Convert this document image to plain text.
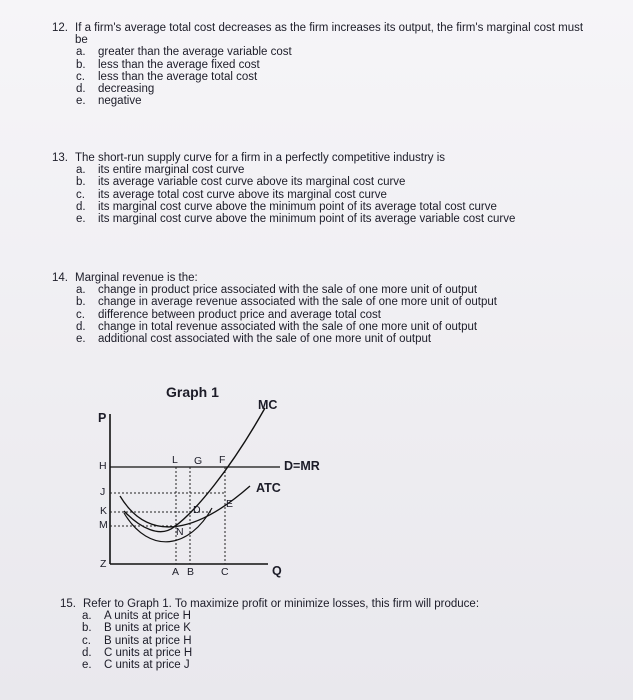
12. If a firm's average total cost decreases as the firm increases its output, the firm's marginal cost must be
a.	greater than the average variable cost
b.	less than the average fixed cost
c.	less than the average total cost
d.	decreasing
e.	negative
13. The short-run supply curve for a firm in a perfectly competitive industry is
a.	its entire marginal cost curve
b.	its average variable cost curve above its marginal cost curve
c.	its average total cost curve above its marginal cost curve
d.	its marginal cost curve above the minimum point of its average total cost curve
e.	its marginal cost curve above the minimum point of its average variable cost curve
14. Marginal revenue is the:
a.	change in product price associated with the sale of one more unit of output
b.	change in average revenue associated with the sale of one more unit of output
c.	difference between product price and average total cost
d.	change in total revenue associated with the sale of one more unit of output
e.	additional cost associated with the sale of one more unit of output
Graph 1
MC
P
D=MR
ATC
Q
H
J
K
M
Z
A B	C
L G F
E
D
N
15. Refer to Graph 1. To maximize profit or minimize losses, this firm will produce:
a.	A units at price H
b.	B units at price K
c.	B units at price H
d.	C units at price H
e.	C units at price J
